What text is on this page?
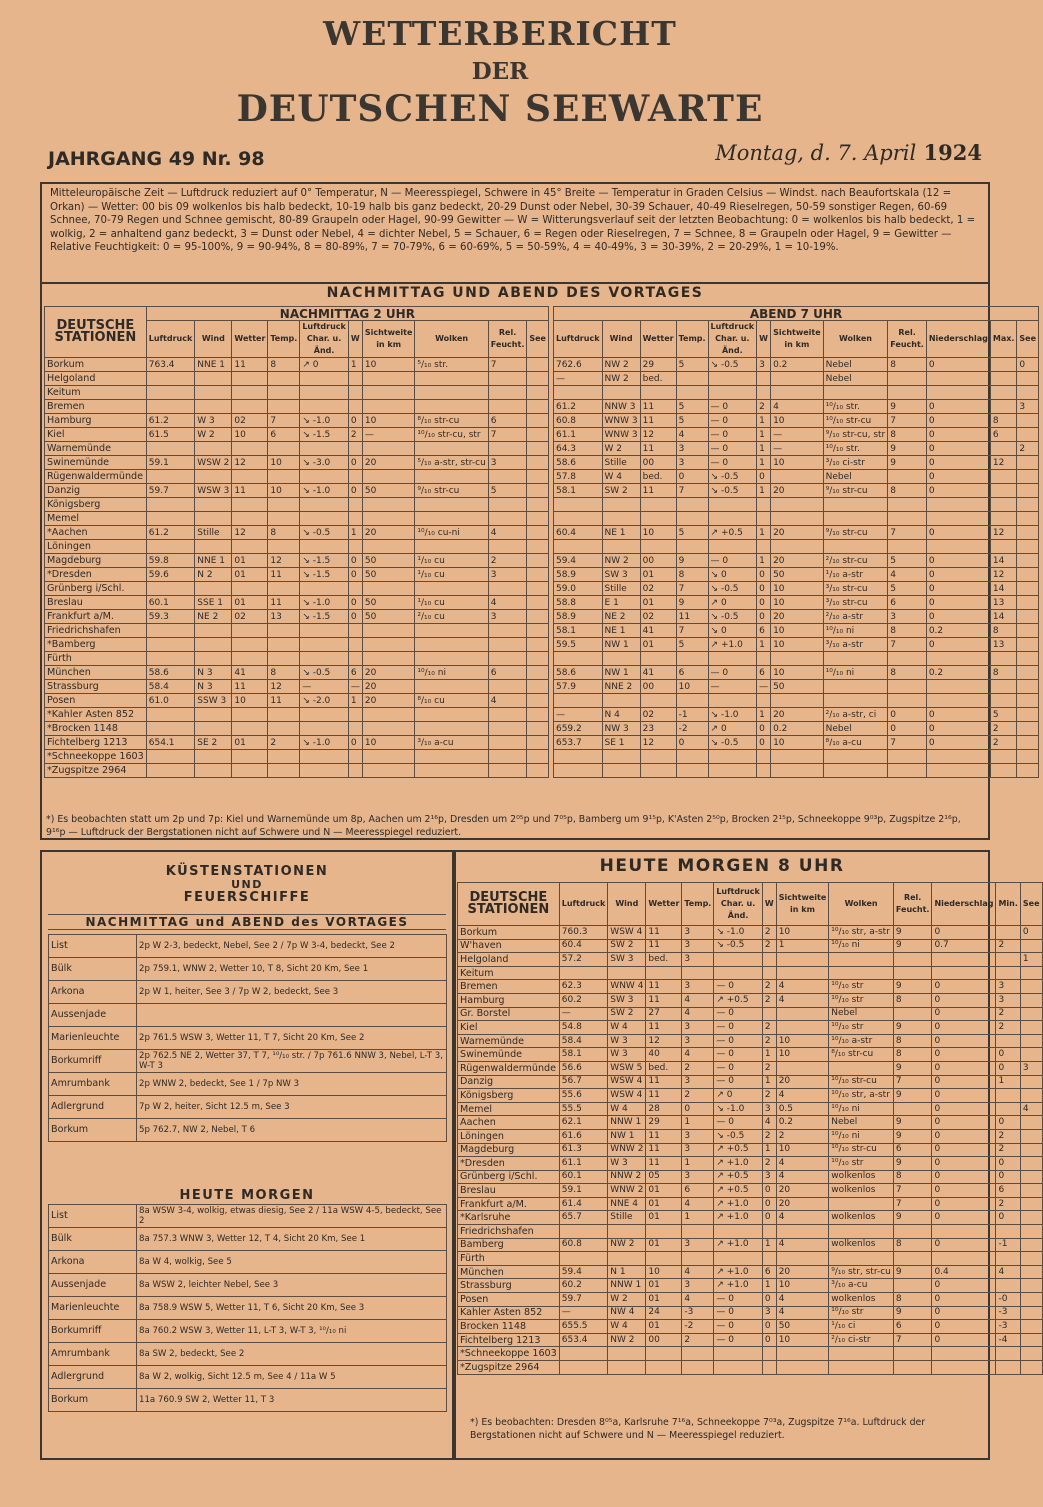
WETTERBERICHT
DER
DEUTSCHEN SEEWARTE
JAHRGANG 49 Nr. 98	Montag, d. 7. April 1924
Mitteleuropäische Zeit — Luftdruck reduziert auf 0° Temperatur, N — Meeresspiegel, Schwere in 45° Breite — Temperatur in Graden Celsius — Windst. nach Beaufortskala (12 = Orkan) — Wetter: 00 bis 09 wolkenlos bis halb bedeckt, 10-19 halb bis ganz bedeckt, 20-29 Dunst oder Nebel, 30-39 Schauer, 40-49 Rieselregen, 50-59 sonstiger Regen, 60-69 Schnee, 70-79 Regen und Schnee gemischt, 80-89 Graupeln oder Hagel, 90-99 Gewitter — W = Witterungsverlauf seit der letzten Beobachtung: 0 = wolkenlos bis halb bedeckt, 1 = wolkig, 2 = anhaltend ganz bedeckt, 3 = Dunst oder Nebel, 4 = dichter Nebel, 5 = Schauer, 6 = Regen oder Rieselregen, 7 = Schnee, 8 = Graupeln oder Hagel, 9 = Gewitter — Relative Feuchtigkeit: 0 = 95-100%, 9 = 90-94%, 8 = 80-89%, 7 = 70-79%, 6 = 60-69%, 5 = 50-59%, 4 = 40-49%, 3 = 30-39%, 2 = 20-29%, 1 = 10-19%.
NACHMITTAG UND ABEND DES VORTAGES
DEUTSCHE STATIONEN	NACHMITTAG 2 UHR											ABEND 7 UHR											
	Luftdruck	Wind	Wetter	Temp.	Luftdruck Char. u. Änd.	W	Sichtweite in km	Wolken	Rel. Feucht.	See		Luftdruck	Wind	Wetter	Temp.	Luftdruck Char. u. Änd.	W	Sichtweite in km	Wolken	Rel. Feucht.	Niederschlag	Max.	See
Borkum	763.4	NNE 1	11	8	↗ 0	1	10	⁵/₁₀ str.	7			762.6	NW 2	29	5	↘ -0.5	3	0.2	Nebel	8	0		0
Helgoland												—	NW 2	bed.					Nebel				
Keitum																							
Bremen												61.2	NNW 3	11	5	— 0	2	4	¹⁰/₁₀ str.	9	0		3
Hamburg	61.2	W 3	02	7	↘ -1.0	0	10	⁸/₁₀ str-cu	6			60.8	WNW 3	11	5	— 0	1	10	¹⁰/₁₀ str-cu	7	0	8	
Kiel	61.5	W 2	10	6	↘ -1.5	2	—	¹⁰/₁₀ str-cu, str	7			61.1	WNW 3	12	4	— 0	1	—	⁹/₁₀ str-cu, str	8	0	6	
Warnemünde												64.3	W 2	11	3	— 0	1	—	¹⁰/₁₀ str.	9	0		2
Swinemünde	59.1	WSW 2	12	10	↘ -3.0	0	20	⁵/₁₀ a-str, str-cu	3			58.6	Stille	00	3	— 0	1	10	³/₁₀ ci-str	9	0	12	
Rügenwaldermünde												57.8	W 4	bed.	0	↘ -0.5	0		Nebel		0		
Danzig	59.7	WSW 3	11	10	↘ -1.0	0	50	⁹/₁₀ str-cu	5			58.1	SW 2	11	7	↘ -0.5	1	20	⁹/₁₀ str-cu	8	0		
Königsberg																							
Memel																							
*Aachen	61.2	Stille	12	8	↘ -0.5	1	20	¹⁰/₁₀ cu-ni	4			60.4	NE 1	10	5	↗ +0.5	1	20	⁹/₁₀ str-cu	7	0	12	
Löningen																							
Magdeburg	59.8	NNE 1	01	12	↘ -1.5	0	50	¹/₁₀ cu	2			59.4	NW 2	00	9	— 0	1	20	²/₁₀ str-cu	5	0	14	
*Dresden	59.6	N 2	01	11	↘ -1.5	0	50	¹/₁₀ cu	3			58.9	SW 3	01	8	↘ 0	0	50	¹/₁₀ a-str	4	0	12	
Grünberg i/Schl.												59.0	Stille	02	7	↘ -0.5	0	10	³/₁₀ str-cu	5	0	14	
Breslau	60.1	SSE 1	01	11	↘ -1.0	0	50	¹/₁₀ cu	4			58.8	E 1	01	9	↗ 0	0	10	³/₁₀ str-cu	6	0	13	
Frankfurt a/M.	59.3	NE 2	02	13	↘ -1.5	0	50	²/₁₀ cu	3			58.9	NE 2	02	11	↘ -0.5	0	20	²/₁₀ a-str	3	0	14	
Friedrichshafen												58.1	NE 1	41	7	↘ 0	6	10	¹⁰/₁₀ ni	8	0.2	8	
*Bamberg												59.5	NW 1	01	5	↗ +1.0	1	10	³/₁₀ a-str	7	0	13	
Fürth																							
München	58.6	N 3	41	8	↘ -0.5	6	20	¹⁰/₁₀ ni	6			58.6	NW 1	41	6	— 0	6	10	¹⁰/₁₀ ni	8	0.2	8	
Strassburg	58.4	N 3	11	12	—	—	20					57.9	NNE 2	00	10	—	—	50					
Posen	61.0	SSW 3	10	11	↘ -2.0	1	20	⁸/₁₀ cu	4														
*Kahler Asten 852												—	N 4	02	-1	↘ -1.0	1	20	²/₁₀ a-str, ci	0	0	5	
*Brocken 1148												659.2	NW 3	23	-2	↗ 0	0	0.2	Nebel	0	0	2	
Fichtelberg 1213	654.1	SE 2	01	2	↘ -1.0	0	10	³/₁₀ a-cu				653.7	SE 1	12	0	↘ -0.5	0	10	⁸/₁₀ a-cu	7	0	2	
*Schneekoppe 1603																							
*Zugspitze 2964																							
*) Es beobachten statt um 2p und 7p: Kiel und Warnemünde um 8p, Aachen um 2¹⁶p, Dresden um 2⁰⁵p und 7⁰⁵p, Bamberg um 9¹⁵p, K'Asten 2⁵⁰p, Brocken 2¹⁵p, Schneekoppe 9⁰³p, Zugspitze 2¹⁶p, 9¹⁶p — Luftdruck der Bergstationen nicht auf Schwere und N — Meeresspiegel reduziert.
KÜSTENSTATIONEN
UND
FEUERSCHIFFE
NACHMITTAG und ABEND des VORTAGES
List	2p W 2-3, bedeckt, Nebel, See 2 / 7p W 3-4, bedeckt, See 2
Bülk	2p 759.1, WNW 2, Wetter 10, T 8, Sicht 20 Km, See 1
Arkona	2p W 1, heiter, See 3 / 7p W 2, bedeckt, See 3
Aussenjade	
Marienleuchte	2p 761.5 WSW 3, Wetter 11, T 7, Sicht 20 Km, See 2
Borkumriff	2p 762.5 NE 2, Wetter 37, T 7, ¹⁰/₁₀ str. / 7p 761.6 NNW 3, Nebel, L-T 3, W-T 3
Amrumbank	2p WNW 2, bedeckt, See 1 / 7p NW 3
Adlergrund	7p W 2, heiter, Sicht 12.5 m, See 3
Borkum	5p 762.7, NW 2, Nebel, T 6
HEUTE MORGEN
List	8a WSW 3-4, wolkig, etwas diesig, See 2 / 11a WSW 4-5, bedeckt, See 2
Bülk	8a 757.3 WNW 3, Wetter 12, T 4, Sicht 20 Km, See 1
Arkona	8a W 4, wolkig, See 5
Aussenjade	8a WSW 2, leichter Nebel, See 3
Marienleuchte	8a 758.9 WSW 5, Wetter 11, T 6, Sicht 20 Km, See 3
Borkumriff	8a 760.2 WSW 3, Wetter 11, L-T 3, W-T 3, ¹⁰/₁₀ ni
Amrumbank	8a SW 2, bedeckt, See 2
Adlergrund	8a W 2, wolkig, Sicht 12.5 m, See 4 / 11a W 5
Borkum	11a 760.9 SW 2, Wetter 11, T 3
HEUTE MORGEN 8 UHR
DEUTSCHE STATIONEN	Luftdruck	Wind	Wetter	Temp.	Luftdruck Char. u. Änd.	W	Sichtweite in km	Wolken	Rel. Feucht.	Niederschlag	Min.	See
Borkum	760.3	WSW 4	11	3	↘ -1.0	2	10	¹⁰/₁₀ str, a-str	9	0		0
W'haven	60.4	SW 2	11	3	↘ -0.5	2	1	¹⁰/₁₀ ni	9	0.7	2	
Helgoland	57.2	SW 3	bed.	3								1
Keitum												
Bremen	62.3	WNW 4	11	3	— 0	2	4	¹⁰/₁₀ str	9	0	3	
Hamburg	60.2	SW 3	11	4	↗ +0.5	2	4	¹⁰/₁₀ str	8	0	3	
Gr. Borstel	—	SW 2	27	4	— 0			Nebel		0	2	
Kiel	54.8	W 4	11	3	— 0	2		¹⁰/₁₀ str	9	0	2	
Warnemünde	58.4	W 3	12	3	— 0	2	10	¹⁰/₁₀ a-str	8	0		
Swinemünde	58.1	W 3	40	4	— 0	1	10	⁸/₁₀ str-cu	8	0	0	
Rügenwaldermünde	56.6	WSW 5	bed.	2	— 0	2			9	0	0	3
Danzig	56.7	WSW 4	11	3	— 0	1	20	¹⁰/₁₀ str-cu	7	0	1	
Königsberg	55.6	WSW 4	11	2	↗ 0	2	4	¹⁰/₁₀ str, a-str	9	0		
Memel	55.5	W 4	28	0	↘ -1.0	3	0.5	¹⁰/₁₀ ni		0		4
Aachen	62.1	NNW 1	29	1	— 0	4	0.2	Nebel	9	0	0	
Löningen	61.6	NW 1	11	3	↘ -0.5	2	2	¹⁰/₁₀ ni	9	0	2	
Magdeburg	61.3	WNW 2	11	3	↗ +0.5	1	10	¹⁰/₁₀ str-cu	6	0	2	
*Dresden	61.1	W 3	11	1	↗ +1.0	2	4	¹⁰/₁₀ str	9	0	0	
Grünberg i/Schl.	60.1	NNW 2	05	3	↗ +0.5	3	4	wolkenlos	8	0	0	
Breslau	59.1	WNW 2	01	6	↗ +0.5	0	20	wolkenlos	7	0	6	
Frankfurt a/M.	61.4	NNE 4	01	4	↗ +1.0	0	20		7	0	2	
*Karlsruhe	65.7	Stille	01	1	↗ +1.0	0	4	wolkenlos	9	0	0	
Friedrichshafen												
Bamberg	60.8	NW 2	01	3	↗ +1.0	1	4	wolkenlos	8	0	-1	
Fürth												
München	59.4	N 1	10	4	↗ +1.0	6	20	⁹/₁₀ str, str-cu	9	0.4	4	
Strassburg	60.2	NNW 1	01	3	↗ +1.0	1	10	³/₁₀ a-cu		0		
Posen	59.7	W 2	01	4	— 0	0	4	wolkenlos	8	0	-0	
Kahler Asten 852	—	NW 4	24	-3	— 0	3	4	¹⁰/₁₀ str	9	0	-3	
Brocken 1148	655.5	W 4	01	-2	— 0	0	50	¹/₁₀ ci	6	0	-3	
Fichtelberg 1213	653.4	NW 2	00	2	— 0	0	10	²/₁₀ ci-str	7	0	-4	
*Schneekoppe 1603												
*Zugspitze 2964												
*) Es beobachten: Dresden 8⁰⁵a, Karlsruhe 7¹⁶a, Schneekoppe 7⁰³a, Zugspitze 7¹⁶a. Luftdruck der Bergstationen nicht auf Schwere und N — Meeresspiegel reduziert.
